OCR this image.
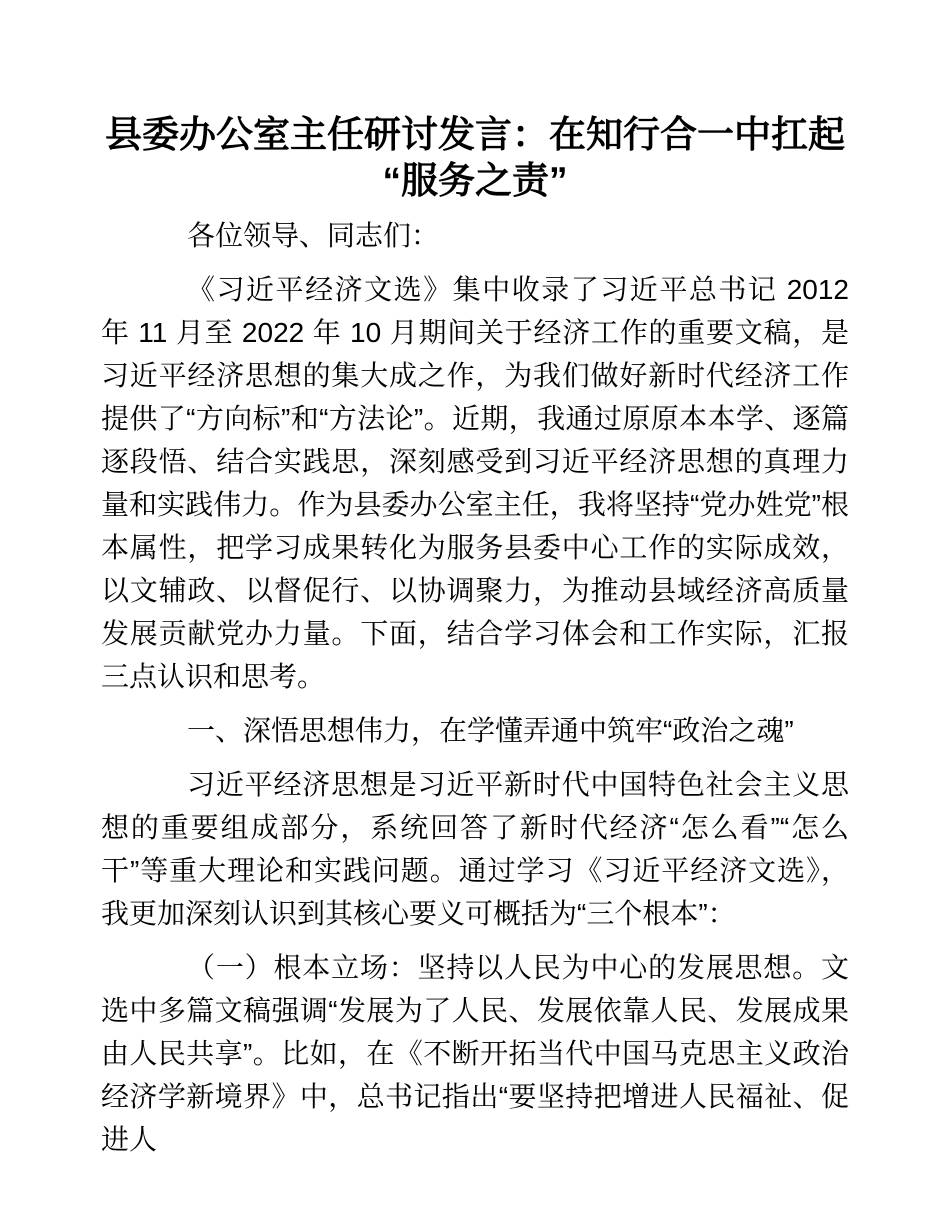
县委办公室主任研讨发言：在知行合一中扛起
“服务之责”

各位领导、同志们：

《习近平经济文选》集中收录了习近平总书记 2012 年 11 月至 2022 年 10 月期间关于经济工作的重要文稿，是习近平经济思想的集大成之作，为我们做好新时代经济工作提供了“方向标”和“方法论”。近期，我通过原原本本学、逐篇逐段悟、结合实践思，深刻感受到习近平经济思想的真理力量和实践伟力。作为县委办公室主任，我将坚持“党办姓党”根本属性，把学习成果转化为服务县委中心工作的实际成效，以文辅政、以督促行、以协调聚力，为推动县域经济高质量发展贡献党办力量。下面，结合学习体会和工作实际，汇报三点认识和思考。

一、深悟思想伟力，在学懂弄通中筑牢“政治之魂”

习近平经济思想是习近平新时代中国特色社会主义思想的重要组成部分，系统回答了新时代经济“怎么看”“怎么干”等重大理论和实践问题。通过学习《习近平经济文选》，我更加深刻认识到其核心要义可概括为“三个根本”：

（一）根本立场：坚持以人民为中心的发展思想。文选中多篇文稿强调“发展为了人民、发展依靠人民、发展成果由人民共享”。比如，在《不断开拓当代中国马克思主义政治经济学新境界》中，总书记指出“要坚持把增进人民福祉、促进人
